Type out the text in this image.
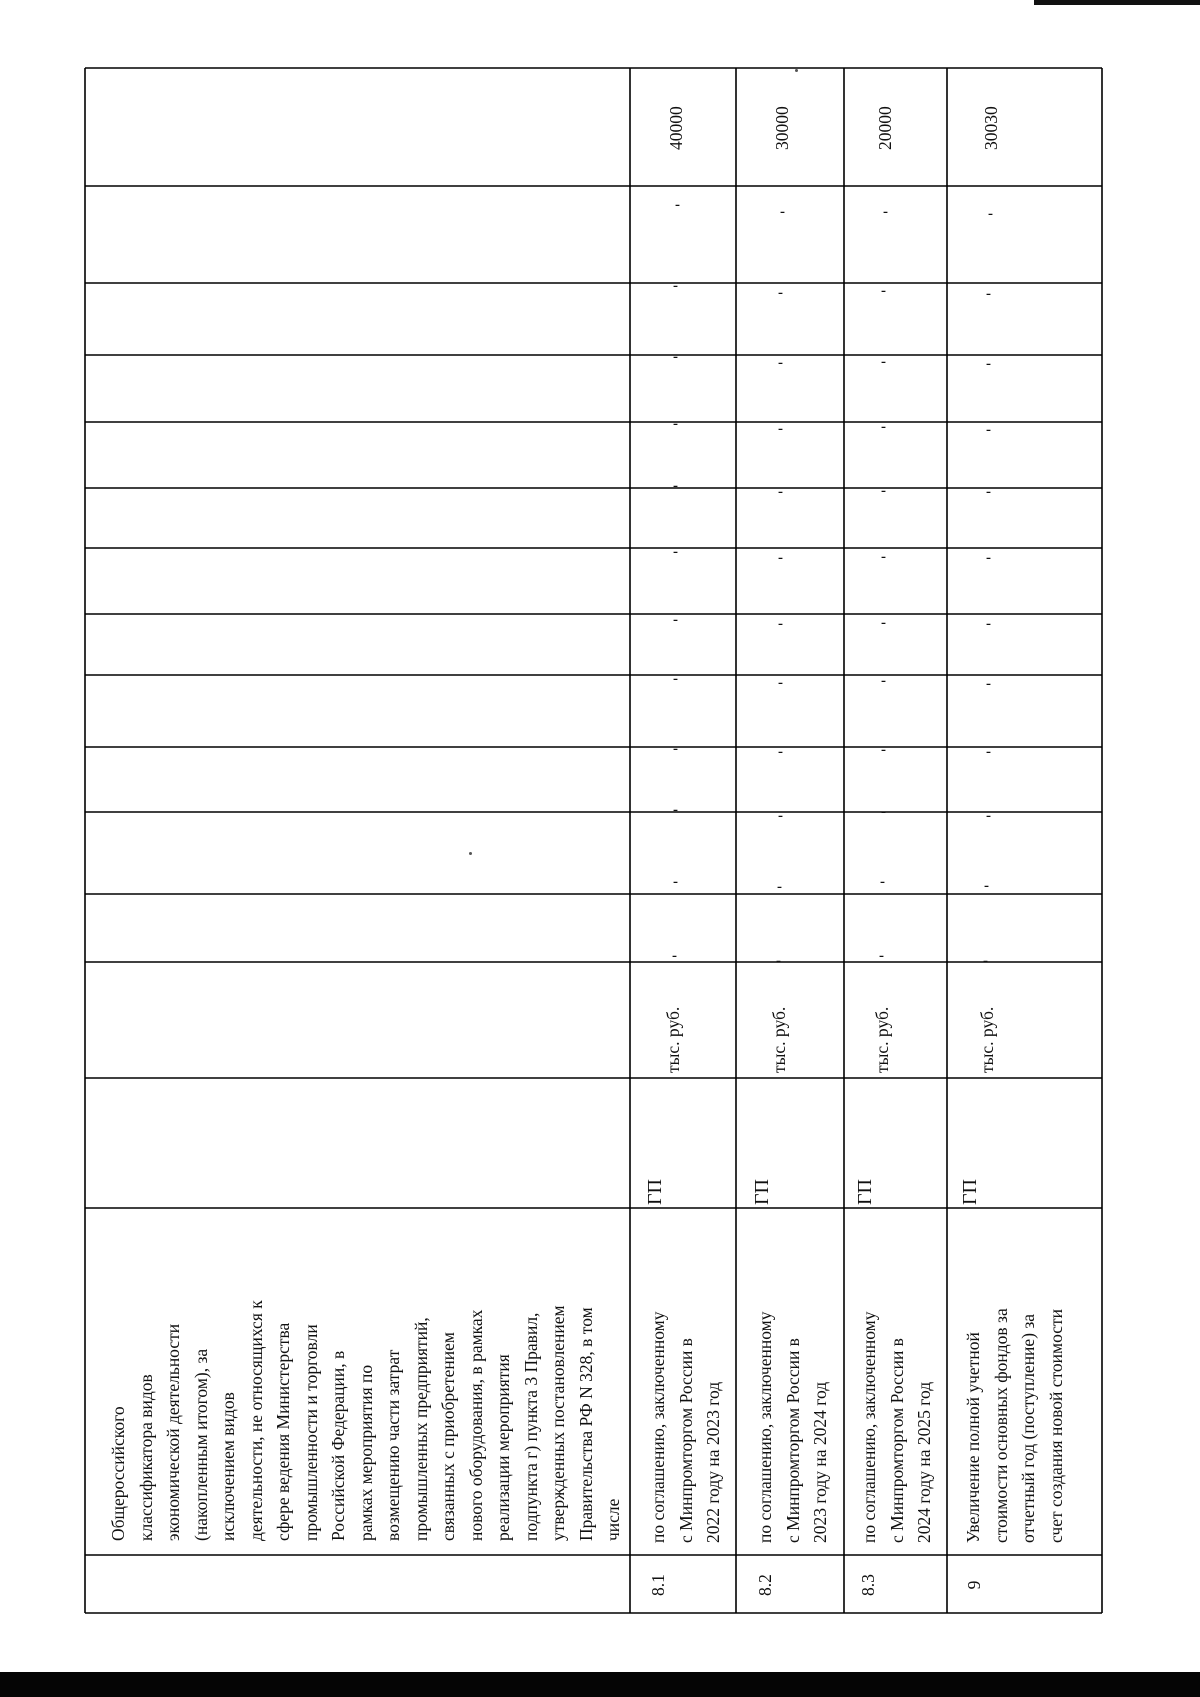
Общероссийского
классификатора видов
экономической деятельности
(накопленным итогом), за
исключением видов
деятельности, не относящихся к
сфере ведения Министерства
промышленности и торговли
Российской Федерации, в
рамках мероприятия по
возмещению части затрат
промышленных предприятий,
связанных с приобретением
нового оборудования, в рамках
реализации мероприятия
подпункта г) пункта 3 Правил,
утвержденных постановлением
Правительства РФ N 328, в том
числе
8.1
по соглашению, заключенному
с Минпромторгом России в
2022 году на 2023 год
ГП
тыс. руб.
40000
-
-
-
-
-
-
-
-
-
-
-
-
8.2
по соглашению, заключенному
с Минпромторгом России в
2023 году на 2024 год
ГП
тыс. руб.
30000
-
-
-
-
-
-
-
-
-
-
-
-
8.3
по соглашению, заключенному
с Минпромторгом России в
2024 году на 2025 год
ГП
тыс. руб.
20000
-
-
-
-
-
-
-
-
-
-
-
-
9
Увеличение полной учетной
стоимости основных фондов за
отчетный год (поступление) за
счет создания новой стоимости
ГП
тыс. руб.
30030
-
-
-
-
-
-
-
-
-
-
-
-
